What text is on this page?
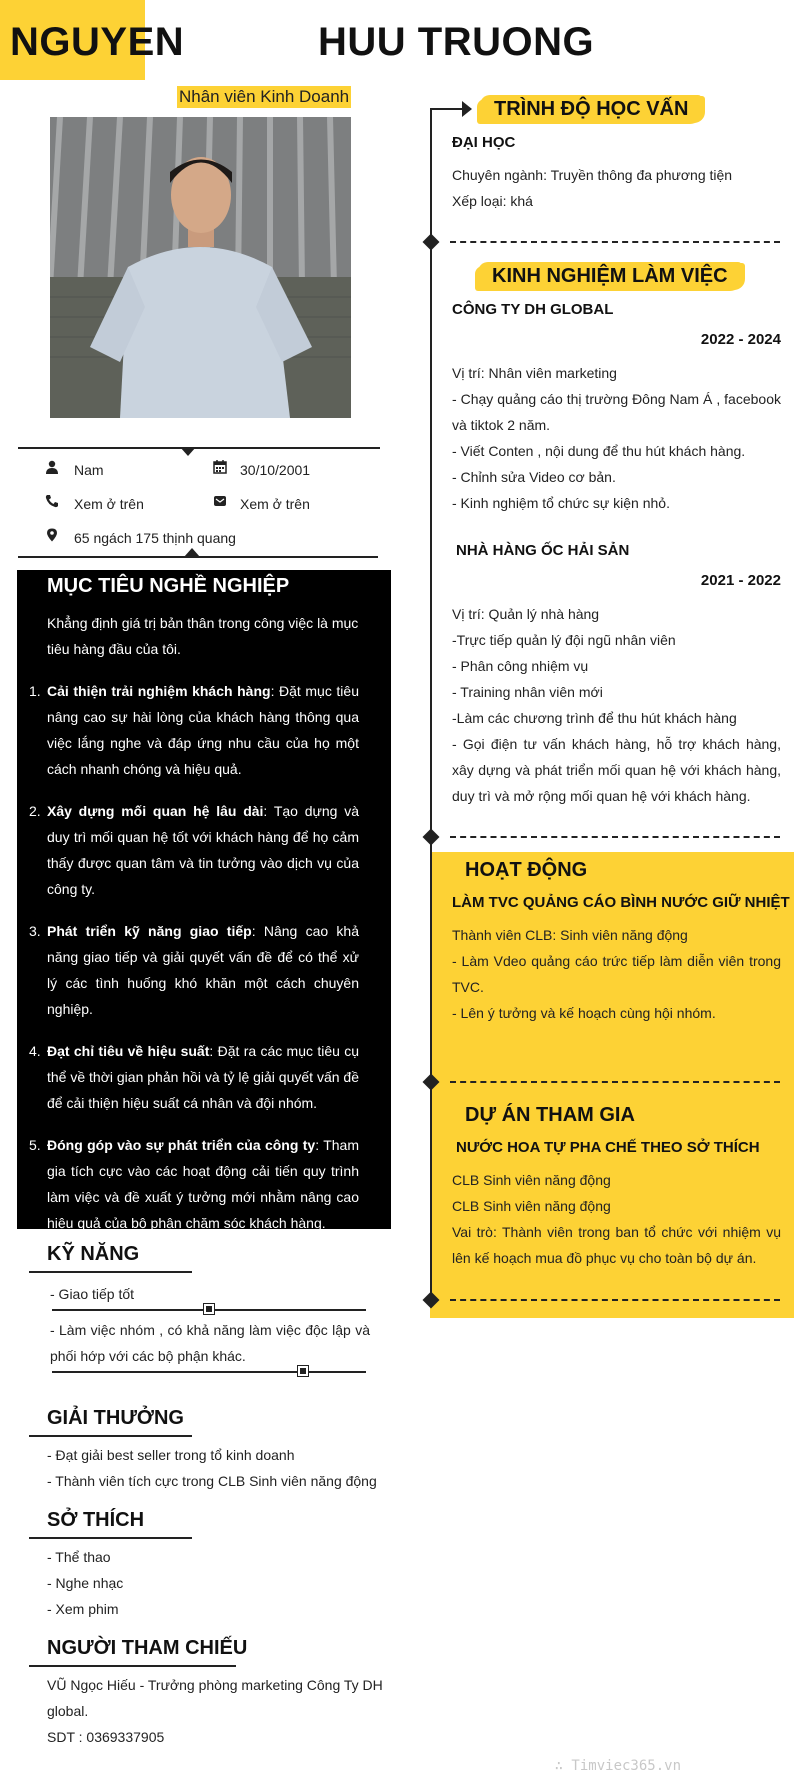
NGUYEN	HUU TRUONG
Nhân viên Kinh Doanh
Nam	30/10/2001
Xem ở trên	Xem ở trên
65 ngách 175 thịnh quang
MỤC TIÊU NGHỀ NGHIỆP
Khẳng định giá trị bản thân trong công việc là mục tiêu hàng đầu của tôi.
1. Cải thiện trải nghiệm khách hàng: Đặt mục tiêu nâng cao sự hài lòng của khách hàng thông qua việc lắng nghe và đáp ứng nhu cầu của họ một cách nhanh chóng và hiệu quả.
2. Xây dựng mối quan hệ lâu dài: Tạo dựng và duy trì mối quan hệ tốt với khách hàng để họ cảm thấy được quan tâm và tin tưởng vào dịch vụ của công ty.
3. Phát triển kỹ năng giao tiếp: Nâng cao khả năng giao tiếp và giải quyết vấn đề để có thể xử lý các tình huống khó khăn một cách chuyên nghiệp.
4. Đạt chỉ tiêu về hiệu suất: Đặt ra các mục tiêu cụ thể về thời gian phản hồi và tỷ lệ giải quyết vấn đề để cải thiện hiệu suất cá nhân và đội nhóm.
5. Đóng góp vào sự phát triển của công ty: Tham gia tích cực vào các hoạt động cải tiến quy trình làm việc và đề xuất ý tưởng mới nhằm nâng cao hiệu quả của bộ phận chăm sóc khách hàng.
KỸ NĂNG
- Giao tiếp tốt
- Làm việc nhóm , có khả năng làm việc độc lập và phối hớp với các bộ phận khác.
GIẢI THƯỞNG
- Đạt giải best seller trong tổ kinh doanh
- Thành viên tích cực trong CLB Sinh viên năng động
SỞ THÍCH
- Thể thao
- Nghe nhạc
- Xem phim
NGƯỜI THAM CHIẾU
VŨ Ngọc Hiếu - Trưởng phòng marketing Công Ty DH global.
SDT : 0369337905
TRÌNH ĐỘ HỌC VẤN
ĐẠI HỌC
Chuyên ngành: Truyền thông đa phương tiện
Xếp loại: khá
KINH NGHIỆM LÀM VIỆC
CÔNG TY DH GLOBAL
2022 - 2024
Vị trí: Nhân viên marketing
- Chạy quảng cáo thị trường Đông Nam Á , facebook và tiktok 2 năm.
- Viết Conten , nội dung để thu hút khách hàng.
- Chỉnh sửa Video cơ bản.
- Kinh nghiệm tổ chức sự kiện nhỏ.
NHÀ HÀNG ỐC HẢI SẢN
2021 - 2022
Vị trí: Quản lý nhà hàng
-Trực tiếp quản lý đội ngũ nhân viên
- Phân công nhiệm vụ
- Training nhân viên mới
-Làm các chương trình để thu hút khách hàng
- Gọi điện tư vấn khách hàng, hỗ trợ khách hàng, xây dựng và phát triển mối quan hệ với khách hàng, duy trì và mở rộng mối quan hệ với khách hàng.
HOẠT ĐỘNG
LÀM TVC QUẢNG CÁO BÌNH NƯỚC GIỮ NHIỆT
Thành viên CLB: Sinh viên năng động
- Làm Vdeo quảng cáo trức tiếp làm diễn viên trong TVC.
- Lên ý tưởng và kế hoạch cùng hội nhóm.
DỰ ÁN THAM GIA
NƯỚC HOA TỰ PHA CHẾ THEO SỞ THÍCH
CLB Sinh viên năng động
CLB Sinh viên năng động
Vai trò: Thành viên trong ban tổ chức với nhiệm vụ lên kế hoạch mua đồ phục vụ cho toàn bộ dự án.
∴ Timviec365.vn
